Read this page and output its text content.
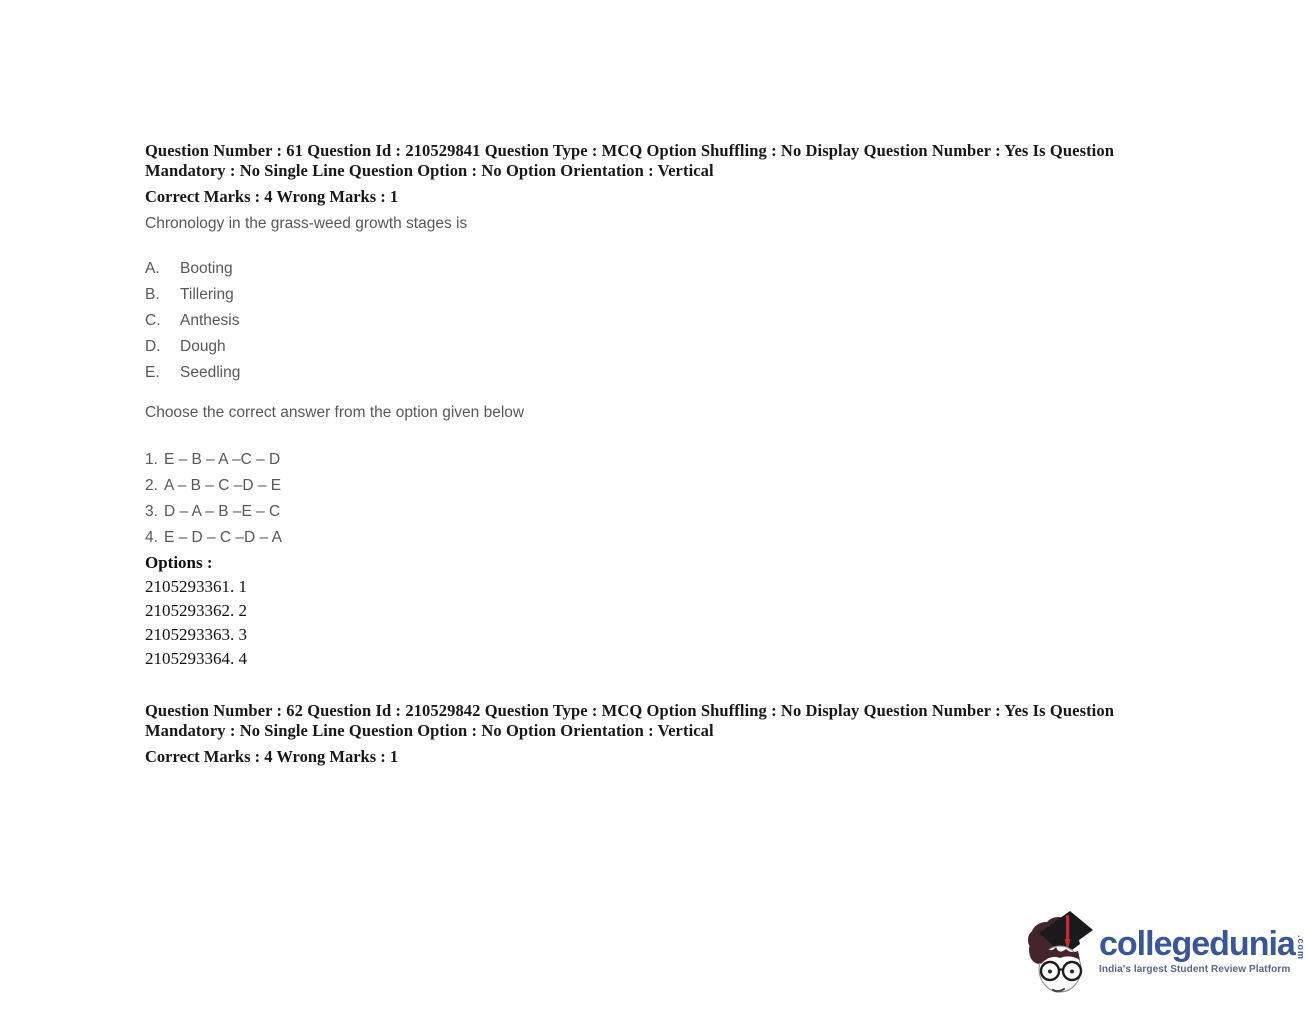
Question Number : 61 Question Id : 210529841 Question Type : MCQ Option Shuffling : No Display Question Number : Yes Is Question
Mandatory : No Single Line Question Option : No Option Orientation : Vertical
Correct Marks : 4 Wrong Marks : 1
Chronology in the grass-weed growth stages is
A.	Booting
B.	Tillering
C.	Anthesis
D.	Dough
E.	Seedling
Choose the correct answer from the option given below
1. E – B – A –C – D
2. A – B – C –D – E
3. D – A – B –E – C
4. E – D – C –D – A
Options :
2105293361. 1
2105293362. 2
2105293363. 3
2105293364. 4
Question Number : 62 Question Id : 210529842 Question Type : MCQ Option Shuffling : No Display Question Number : Yes Is Question
Mandatory : No Single Line Question Option : No Option Orientation : Vertical
Correct Marks : 4 Wrong Marks : 1
collegedunia .com
India's largest Student Review Platform
